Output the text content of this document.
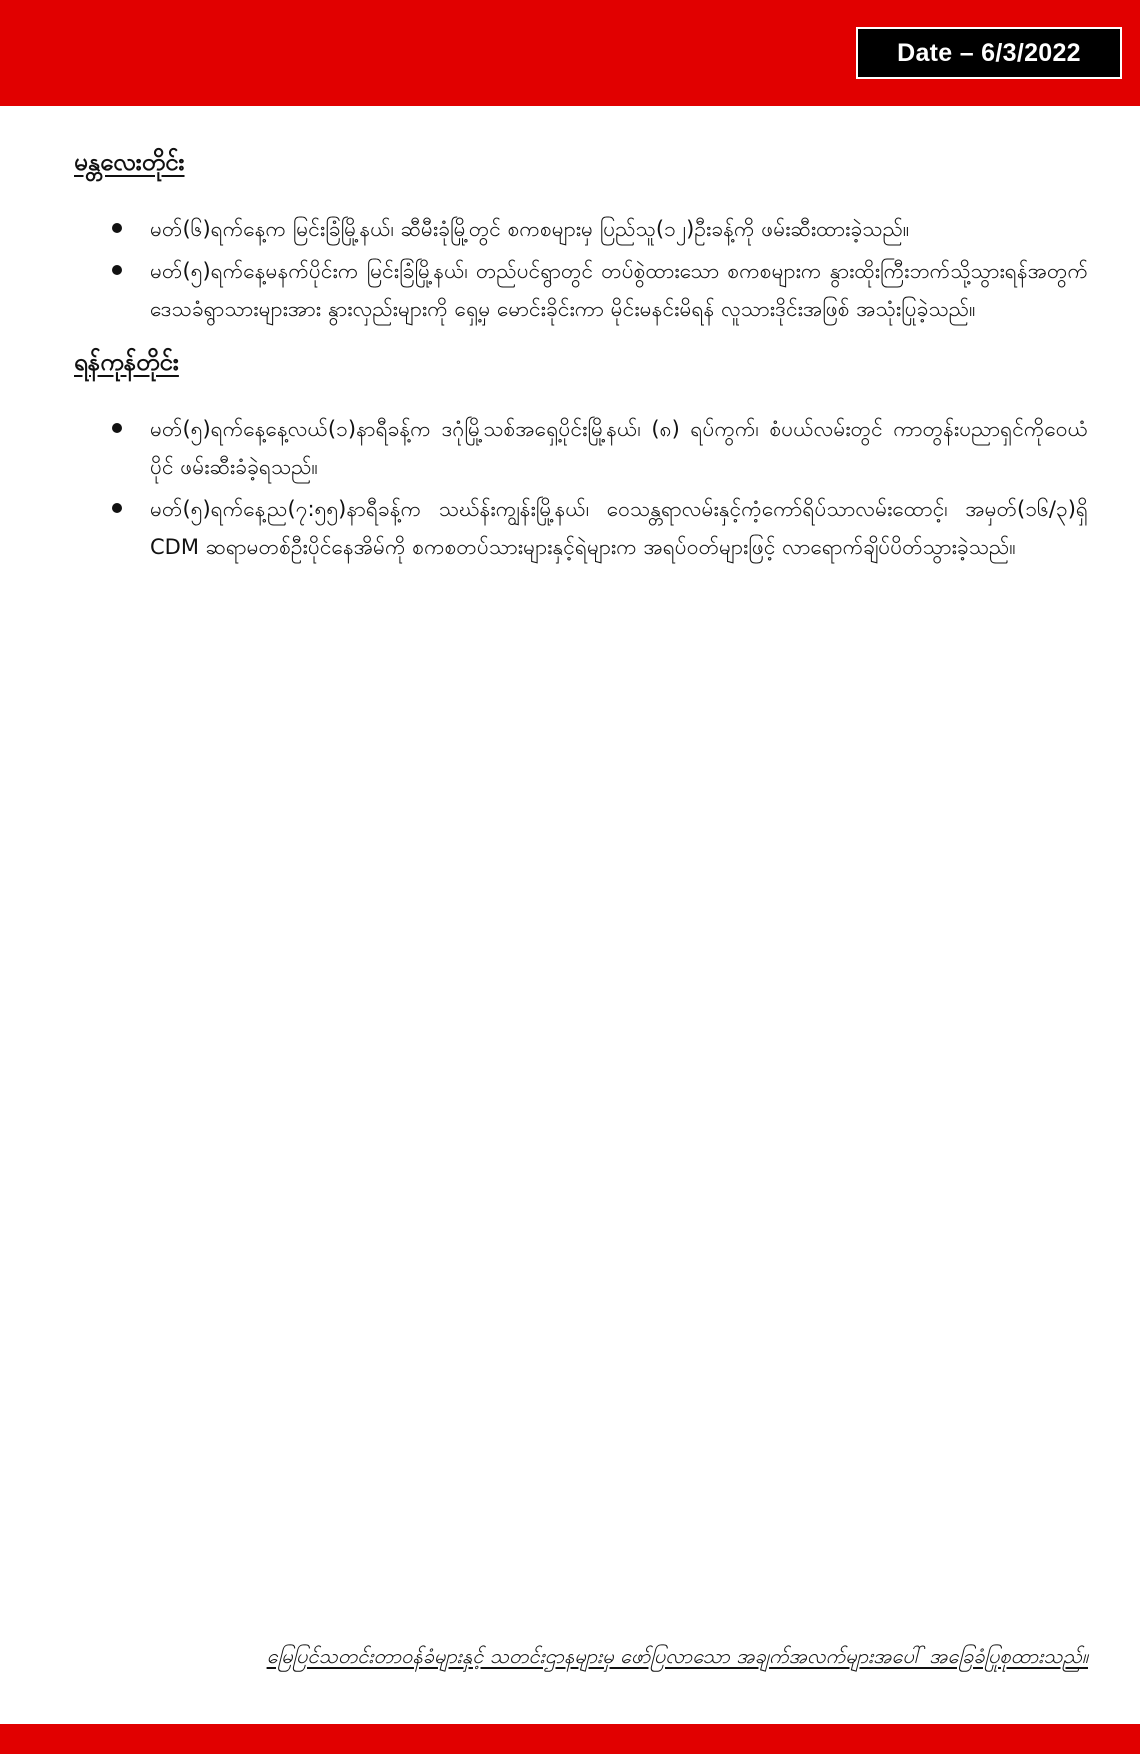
Date – 6/3/2022
မန္တလေးတိုင်း
မတ်(၆)ရက်နေ့က မြင်းခြံမြို့နယ်၊ ဆီမီးခုံမြို့တွင် စကစများမှ ပြည်သူ(၁၂)ဦးခန့်ကို ဖမ်းဆီးထားခဲ့သည်။
မတ်(၅)ရက်နေ့မနက်ပိုင်းက မြင်းခြံမြို့နယ်၊ တည်ပင်ရွာတွင် တပ်စွဲထားသော စကစများက နွားထိုးကြီးဘက်သို့သွားရန်အတွက် ဒေသခံရွာသားများအား နွားလှည်းများကို ရှေ့မှ မောင်းခိုင်းကာ မိုင်းမနင်းမိရန် လူသားဒိုင်းအဖြစ် အသုံးပြုခဲ့သည်။
ရန်ကုန်တိုင်း
မတ်(၅)ရက်နေ့နေ့လယ်(၁)နာရီခန့်က ဒဂုံမြို့သစ်အရှေ့ပိုင်းမြို့နယ်၊ (၈) ရပ်ကွက်၊ စံပယ်လမ်းတွင် ကာတွန်းပညာရှင်ကိုဝေယံပိုင် ဖမ်းဆီးခံခဲ့ရသည်။
မတ်(၅)ရက်နေ့ည(၇:၅၅)နာရီခန့်က သဃ်န်းကျွန်းမြို့နယ်၊ ဝေသန္တရာလမ်းနှင့်ကံ့ကော်ရိပ်သာလမ်းထောင့်၊ အမှတ်(၁၆/၃)ရှိ CDM ဆရာမတစ်ဦးပိုင်နေအိမ်ကို စကစတပ်သားများနှင့်ရဲများက အရပ်ဝတ်များဖြင့် လာရောက်ချိပ်ပိတ်သွားခဲ့သည်။
မြေပြင်သတင်းတာဝန်ခံများနှင့် သတင်းဌာနများမှ ဖော်ပြလာသော အချက်အလက်များအပေါ် အခြေခံပြုစုထားသည်။
